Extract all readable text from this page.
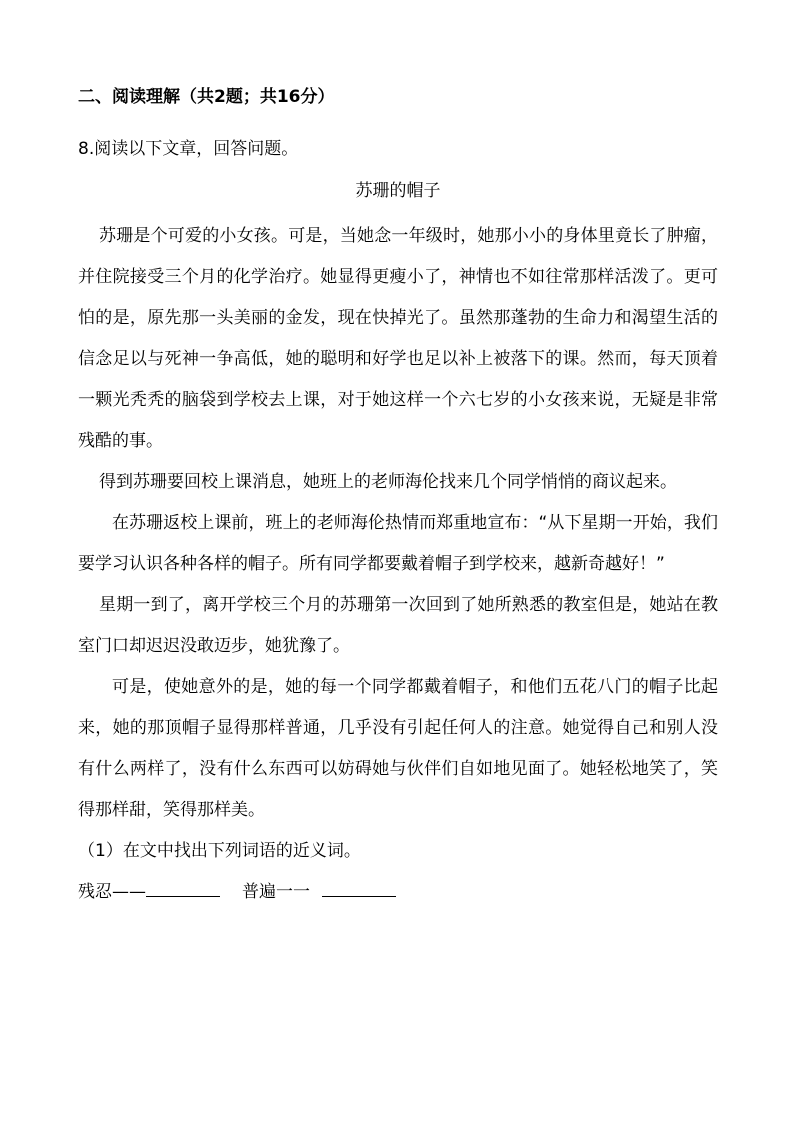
二、阅读理解（共2题；共16分）
8.阅读以下文章，回答问题。
苏珊的帽子

苏珊是个可爱的小女孩。可是，当她念一年级时，她那小小的身体里竟长了肿瘤，并住院接受三个月的化学治疗。她显得更瘦小了，神情也不如往常那样活泼了。更可怕的是，原先那一头美丽的金发，现在快掉光了。虽然那蓬勃的生命力和渴望生活的信念足以与死神一争高低，她的聪明和好学也足以补上被落下的课。然而，每天顶着一颗光秃秃的脑袋到学校去上课，对于她这样一个六七岁的小女孩来说，无疑是非常残酷的事。

得到苏珊要回校上课消息，她班上的老师海伦找来几个同学悄悄的商议起来。

在苏珊返校上课前，班上的老师海伦热情而郑重地宣布：“从下星期一开始，我们要学习认识各种各样的帽子。所有同学都要戴着帽子到学校来，越新奇越好！”

星期一到了，离开学校三个月的苏珊第一次回到了她所熟悉的教室但是，她站在教室门口却迟迟没敢迈步，她犹豫了。

可是，使她意外的是，她的每一个同学都戴着帽子，和他们五花八门的帽子比起来，她的那顶帽子显得那样普通，几乎没有引起任何人的注意。她觉得自己和别人没有什么两样了，没有什么东西可以妨碍她与伙伴们自如地见面了。她轻松地笑了，笑得那样甜，笑得那样美。

（1）在文中找出下列词语的近义词。

残忍——	普遍一一
